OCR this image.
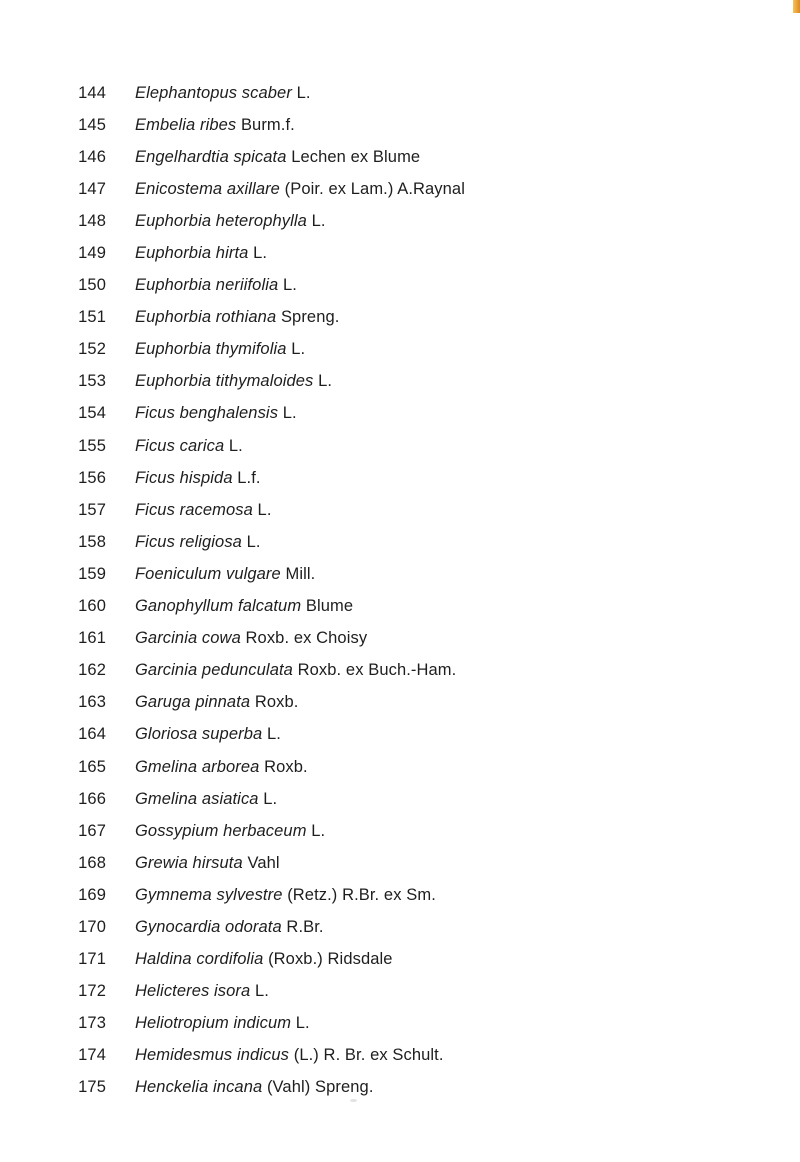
144 Elephantopus scaber L.
145 Embelia ribes Burm.f.
146 Engelhardtia spicata Lechen ex Blume
147 Enicostema axillare (Poir. ex Lam.) A.Raynal
148 Euphorbia heterophylla L.
149 Euphorbia hirta L.
150 Euphorbia neriifolia L.
151 Euphorbia rothiana Spreng.
152 Euphorbia thymifolia L.
153 Euphorbia tithymaloides L.
154 Ficus benghalensis L.
155 Ficus carica L.
156 Ficus hispida L.f.
157 Ficus racemosa L.
158 Ficus religiosa L.
159 Foeniculum vulgare Mill.
160 Ganophyllum falcatum Blume
161 Garcinia cowa Roxb. ex Choisy
162 Garcinia pedunculata Roxb. ex Buch.-Ham.
163 Garuga pinnata Roxb.
164 Gloriosa superba L.
165 Gmelina arborea Roxb.
166 Gmelina asiatica L.
167 Gossypium herbaceum L.
168 Grewia hirsuta Vahl
169 Gymnema sylvestre (Retz.) R.Br. ex Sm.
170 Gynocardia odorata R.Br.
171 Haldina cordifolia (Roxb.) Ridsdale
172 Helicteres isora L.
173 Heliotropium indicum L.
174 Hemidesmus indicus (L.) R. Br. ex Schult.
175 Henckelia incana (Vahl) Spreng.
